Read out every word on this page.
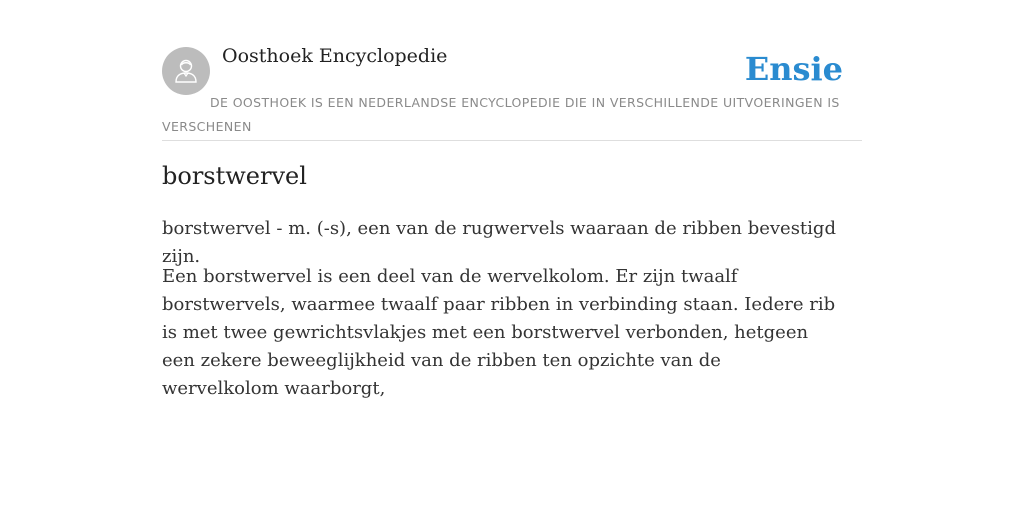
Oosthoek Encyclopedie	Ensie
DE OOSTHOEK IS EEN NEDERLANDSE ENCYCLOPEDIE DIE IN VERSCHILLENDE UITVOERINGEN IS VERSCHENEN
borstwervel

borstwervel - m. (-s), een van de rugwervels waaraan de ribben bevestigd zijn.

Een borstwervel is een deel van de wervelkolom. Er zijn twaalf borstwervels, waarmee twaalf paar ribben in verbinding staan. Iedere rib is met twee gewrichtsvlakjes met een borstwervel verbonden, hetgeen een zekere beweeglijkheid van de ribben ten opzichte van de wervelkolom waarborgt,
